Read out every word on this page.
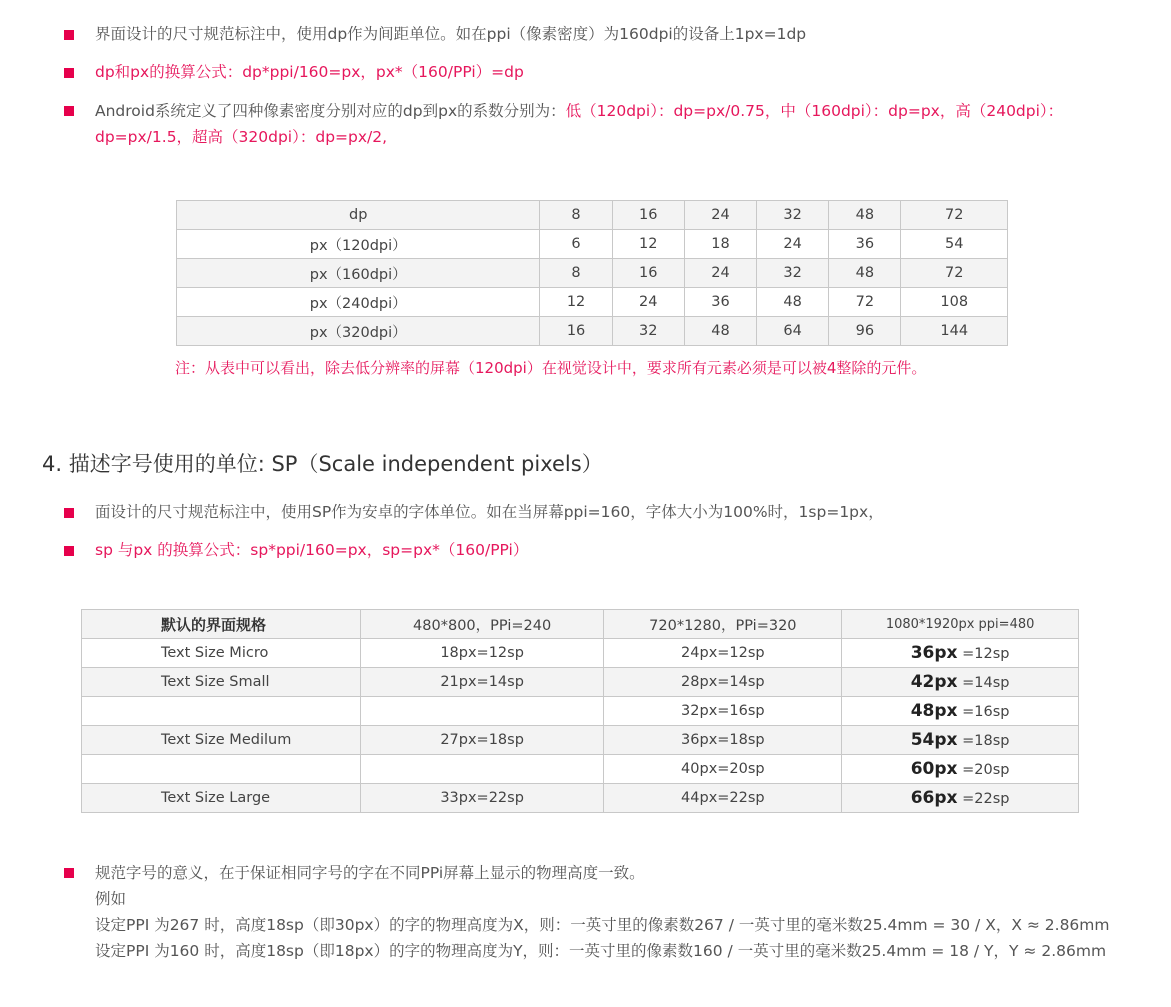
界面设计的尺寸规范标注中，使用dp作为间距单位。如在ppi（像素密度）为160dpi的设备上1px=1dp
dp和px的换算公式：dp*ppi/160=px，px*（160/PPi）=dp
Android系统定义了四种像素密度分别对应的dp到px的系数分别为：低（120dpi）：dp=px/0.75，中（160dpi）：dp=px，高（240dpi）：dp=px/1.5，超高（320dpi）：dp=px/2,
dp	8	16	24	32	48	72
px（120dpi）	6	12	18	24	36	54
px（160dpi）	8	16	24	32	48	72
px（240dpi）	12	24	36	48	72	108
px（320dpi）	16	32	48	64	96	144
注：从表中可以看出，除去低分辨率的屏幕（120dpi）在视觉设计中，要求所有元素必须是可以被4整除的元件。
4. 描述字号使用的单位: SP（Scale independent pixels）
面设计的尺寸规范标注中，使用SP作为安卓的字体单位。如在当屏幕ppi=160，字体大小为100%时，1sp=1px，
sp 与px 的换算公式：sp*ppi/160=px，sp=px*（160/PPi）
默认的界面规格	480*800，PPi=240	720*1280，PPi=320	1080*1920px ppi=480
Text Size Micro	18px=12sp	24px=12sp	36px =12sp
Text Size Small	21px=14sp	28px=14sp	42px =14sp
		32px=16sp	48px =16sp
Text Size Medilum	27px=18sp	36px=18sp	54px =18sp
		40px=20sp	60px =20sp
Text Size Large	33px=22sp	44px=22sp	66px =22sp
规范字号的意义，在于保证相同字号的字在不同PPi屏幕上显示的物理高度一致。
例如
设定PPI 为267 时，高度18sp（即30px）的字的物理高度为X，则：一英寸里的像素数267 / 一英寸里的毫米数25.4mm = 30 / X，X ≈ 2.86mm
设定PPI 为160 时，高度18sp（即18px）的字的物理高度为Y，则：一英寸里的像素数160 / 一英寸里的毫米数25.4mm = 18 / Y，Y ≈ 2.86mm
